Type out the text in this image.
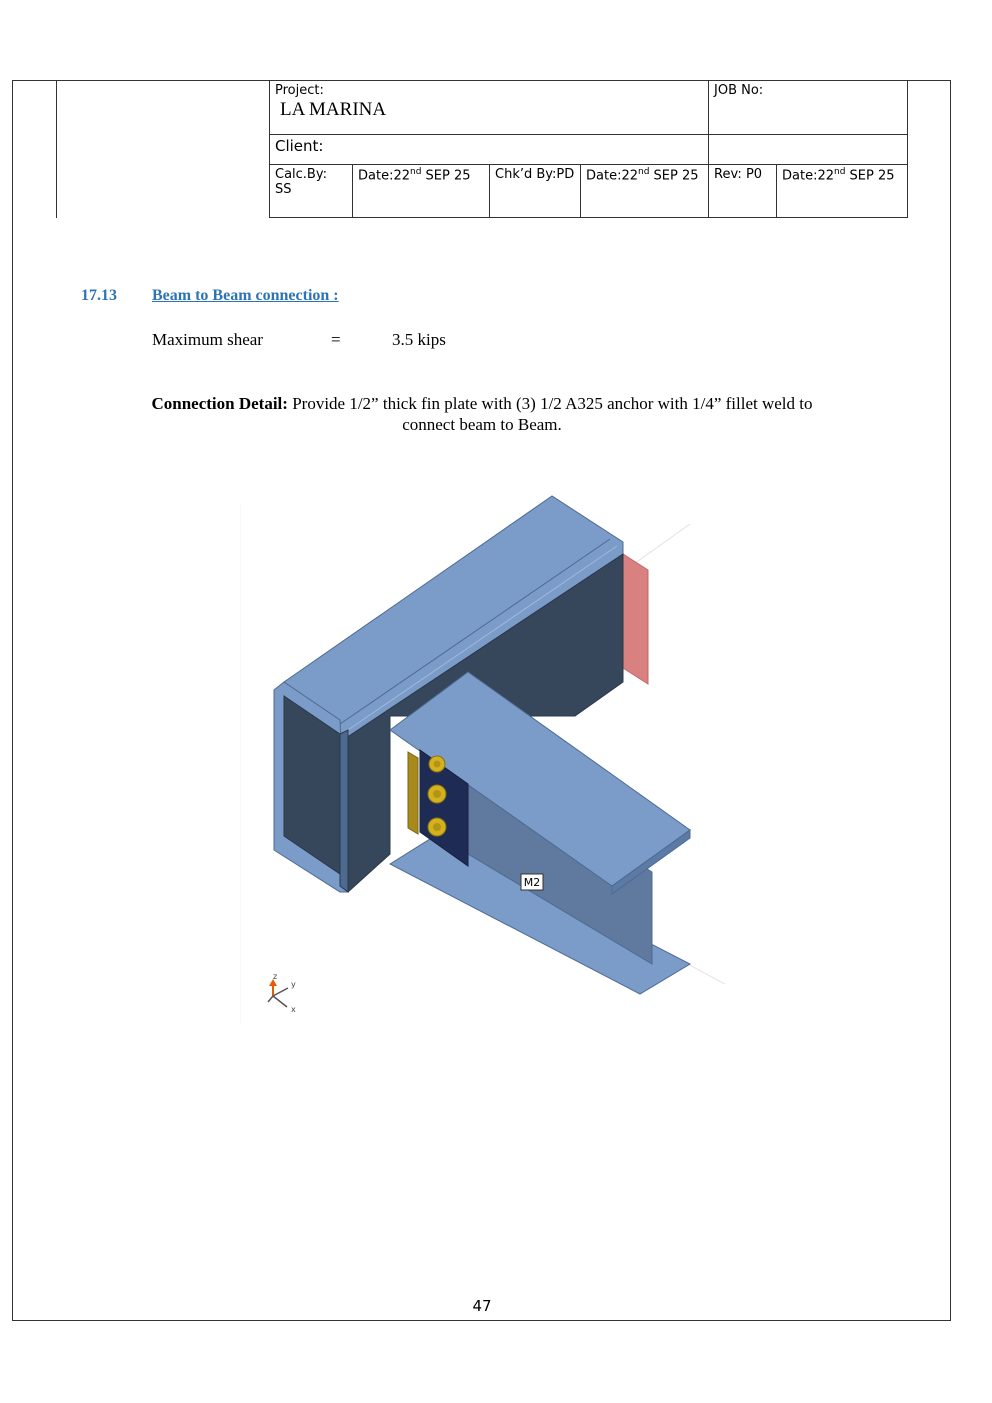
Project:
LA MARINA				JOB No:	
Client:					
Calc.By: SS	Date:22nd SEP 25	Chk’d By:PD	Date:22nd SEP 25	Rev: P0	Date:22nd SEP 25
17.13 Beam to Beam connection :
Maximum shear	=	3.5 kips
Connection Detail: Provide 1/2” thick fin plate with (3) 1/2 A325 anchor with 1/4” fillet weld to
connect beam to Beam.
M2
z
y
x
47
